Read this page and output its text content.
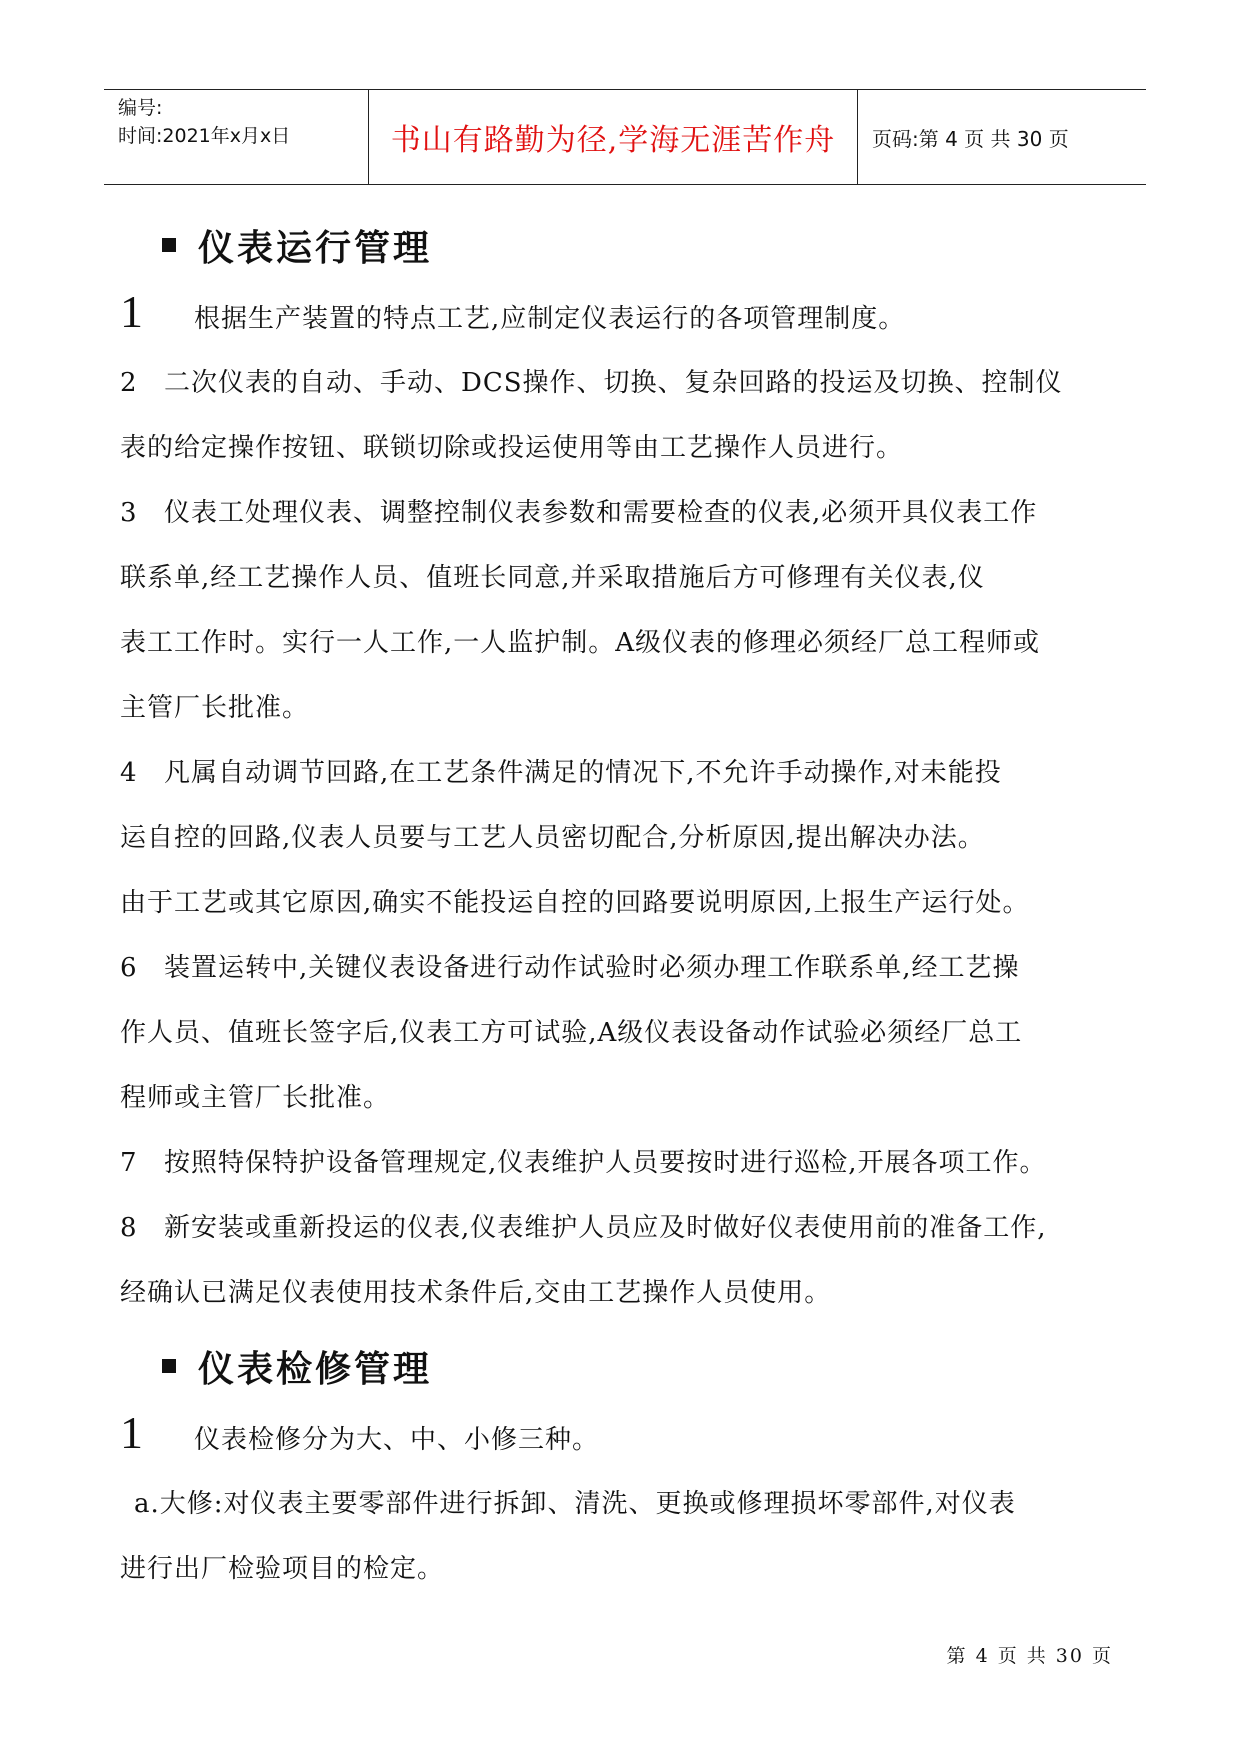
编号:
时间:2021年x月x日	书山有路勤为径,学海无涯苦作舟	页码:第 4 页 共 30 页
仪表运行管理
1	根据生产装置的特点工艺,应制定仪表运行的各项管理制度。

2 二次仪表的自动、手动、DCS操作、切换、复杂回路的投运及切换、控制仪
表的给定操作按钮、联锁切除或投运使用等由工艺操作人员进行。

3 仪表工处理仪表、调整控制仪表参数和需要检查的仪表,必须开具仪表工作
联系单,经工艺操作人员、值班长同意,并采取措施后方可修理有关仪表,仪
表工工作时。实行一人工作,一人监护制。A级仪表的修理必须经厂总工程师或
主管厂长批准。

4 凡属自动调节回路,在工艺条件满足的情况下,不允许手动操作,对未能投
运自控的回路,仪表人员要与工艺人员密切配合,分析原因,提出解决办法。
由于工艺或其它原因,确实不能投运自控的回路要说明原因,上报生产运行处。

6 装置运转中,关键仪表设备进行动作试验时必须办理工作联系单,经工艺操
作人员、值班长签字后,仪表工方可试验,A级仪表设备动作试验必须经厂总工
程师或主管厂长批准。

7 按照特保特护设备管理规定,仪表维护人员要按时进行巡检,开展各项工作。

8 新安装或重新投运的仪表,仪表维护人员应及时做好仪表使用前的准备工作,
经确认已满足仪表使用技术条件后,交由工艺操作人员使用。

仪表检修管理
1	仪表检修分为大、中、小修三种。

a.大修:对仪表主要零部件进行拆卸、清洗、更换或修理损坏零部件,对仪表
进行出厂检验项目的检定。

第 4 页 共 30 页
